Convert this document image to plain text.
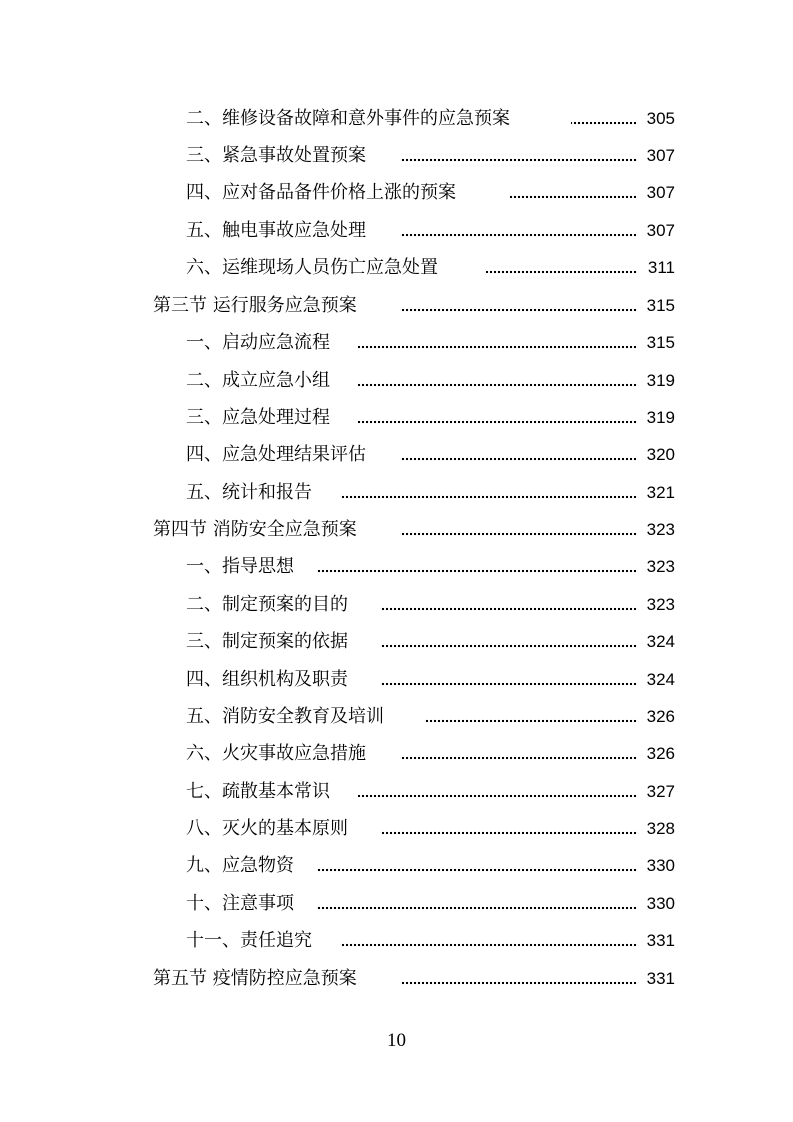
二、维修设备故障和意外事件的应急预案	305
三、紧急事故处置预案	307
四、应对备品备件价格上涨的预案	307
五、触电事故应急处理	307
六、运维现场人员伤亡应急处置	311
第三节 运行服务应急预案	315
一、启动应急流程	315
二、成立应急小组	319
三、应急处理过程	319
四、应急处理结果评估	320
五、统计和报告	321
第四节 消防安全应急预案	323
一、指导思想	323
二、制定预案的目的	323
三、制定预案的依据	324
四、组织机构及职责	324
五、消防安全教育及培训	326
六、火灾事故应急措施	326
七、疏散基本常识	327
八、灭火的基本原则	328
九、应急物资	330
十、注意事项	330
十一、责任追究	331
第五节 疫情防控应急预案	331
10
